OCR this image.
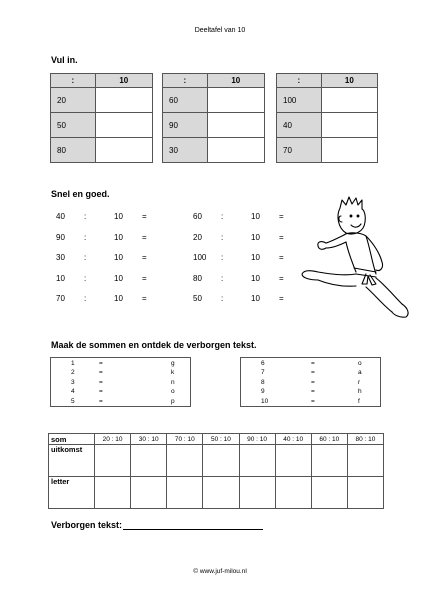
Deeltafel van 10
Vul in.
:	10
20	
50	
80	
:	10
60	
90	
30	
:	10
100	
40	
70	
Snel en goed.
40	:	10	=
90	:	10	=
30	:	10	=
10	:	10	=
70	:	10	=
60	:	10	=
20	:	10	=
100	:	10	=
80	:	10	=
50	:	10	=
Maak de sommen en ontdek de verborgen tekst.
1	=	g
2	=	k
3	=	n
4	=	o
5	=	p
6	=	o
7	=	a
8	=	r
9	=	h
10	=	f
som	20 : 10	30 : 10	70 : 10	50 : 10	90 : 10	40 : 10	60 : 10	80 : 10
uitkomst								
letter								
Verborgen tekst:
© www.juf-milou.nl
